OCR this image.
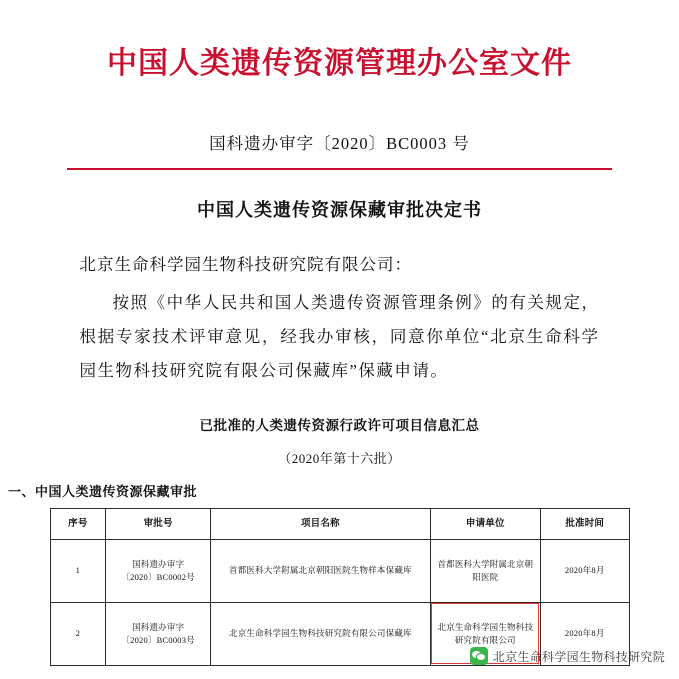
中国人类遗传资源管理办公室文件
国科遗办审字〔2020〕BC0003 号
中国人类遗传资源保藏审批决定书
北京生命科学园生物科技研究院有限公司：
按照《中华人民共和国人类遗传资源管理条例》的有关规定，根据专家技术评审意见，经我办审核，同意你单位“北京生命科学园生物科技研究院有限公司保藏库”保藏申请。
已批准的人类遗传资源行政许可项目信息汇总
（2020年第十六批）
一、中国人类遗传资源保藏审批
序号	审批号	项目名称	申请单位	批准时间
1	国科遗办审字
〔2020〕BC0002号	首都医科大学附属北京朝阳医院生物样本保藏库	首都医科大学附属北京朝
阳医院	2020年8月
2	国科遗办审字
〔2020〕BC0003号	北京生命科学园生物科技研究院有限公司保藏库	北京生命科学园生物科技
研究院有限公司	2020年8月
北京生命科学园生物科技研究院
